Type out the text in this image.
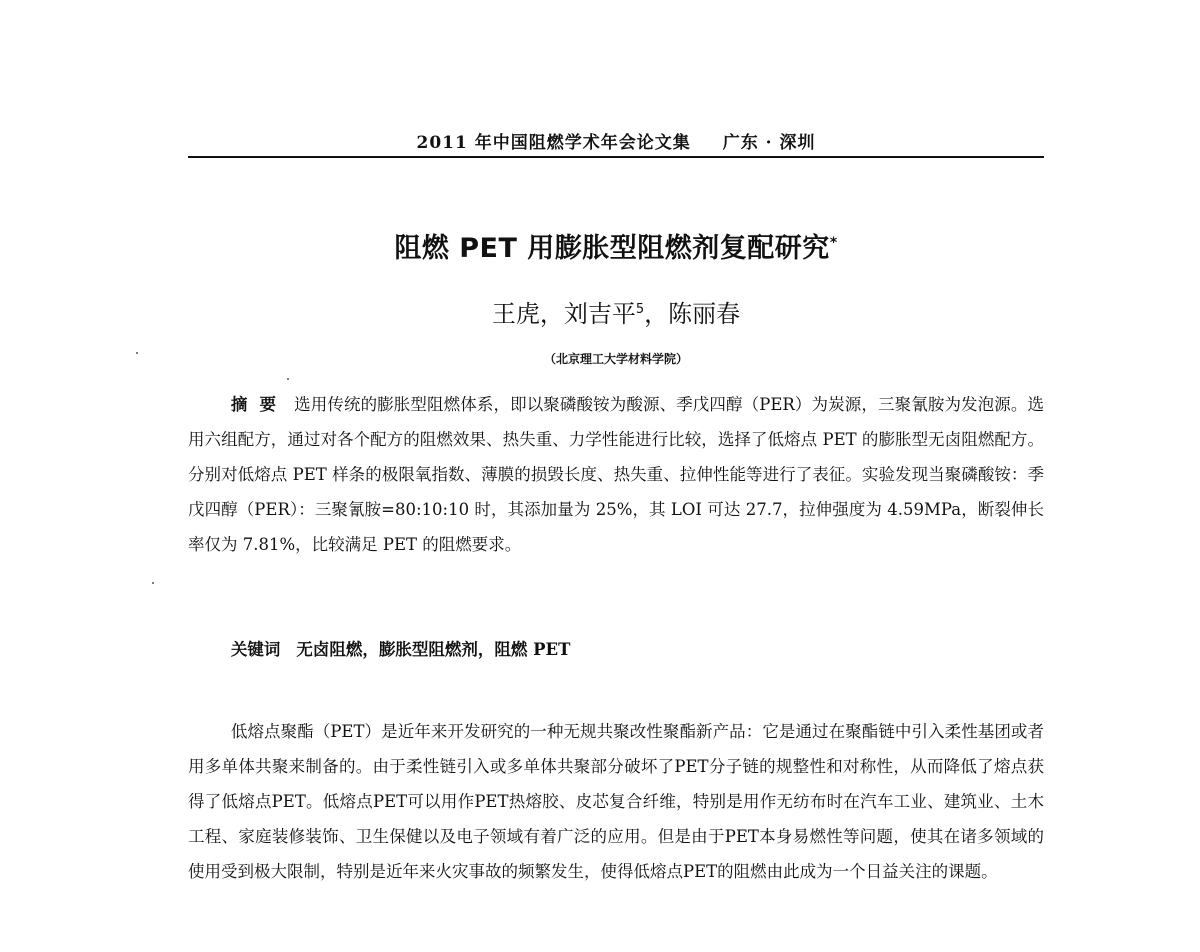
2011 年中国阻燃学术年会论文集 广东 · 深圳
阻燃 PET 用膨胀型阻燃剂复配研究*
王虎，刘吉平$^5$，陈丽春
（北京理工大学材料学院）
摘要 选用传统的膨胀型阻燃体系，即以聚磷酸铵为酸源、季戊四醇（PER）为炭源，三聚氰胺为发泡源。选用六组配方，通过对各个配方的阻燃效果、热失重、力学性能进行比较，选择了低熔点 PET 的膨胀型无卤阻燃配方。分别对低熔点 PET 样条的极限氧指数、薄膜的损毁长度、热失重、拉伸性能等进行了表征。实验发现当聚磷酸铵：季戊四醇（PER）：三聚氰胺=80:10:10 时，其添加量为 25%，其 LOI 可达 27.7，拉伸强度为 4.59MPa，断裂伸长率仅为 7.81%，比较满足 PET 的阻燃要求。
关键词 无卤阻燃，膨胀型阻燃剂，阻燃 PET
低熔点聚酯（PET）是近年来开发研究的一种无规共聚改性聚酯新产品：它是通过在聚酯链中引入柔性基团或者用多单体共聚来制备的。由于柔性链引入或多单体共聚部分破坏了PET分子链的规整性和对称性，从而降低了熔点获得了低熔点PET。低熔点PET可以用作PET热熔胶、皮芯复合纤维，特别是用作无纺布时在汽车工业、建筑业、土木工程、家庭装修装饰、卫生保健以及电子领域有着广泛的应用。但是由于PET本身易燃性等问题，使其在诸多领域的使用受到极大限制，特别是近年来火灾事故的频繁发生，使得低熔点PET的阻燃由此成为一个日益关注的课题。
